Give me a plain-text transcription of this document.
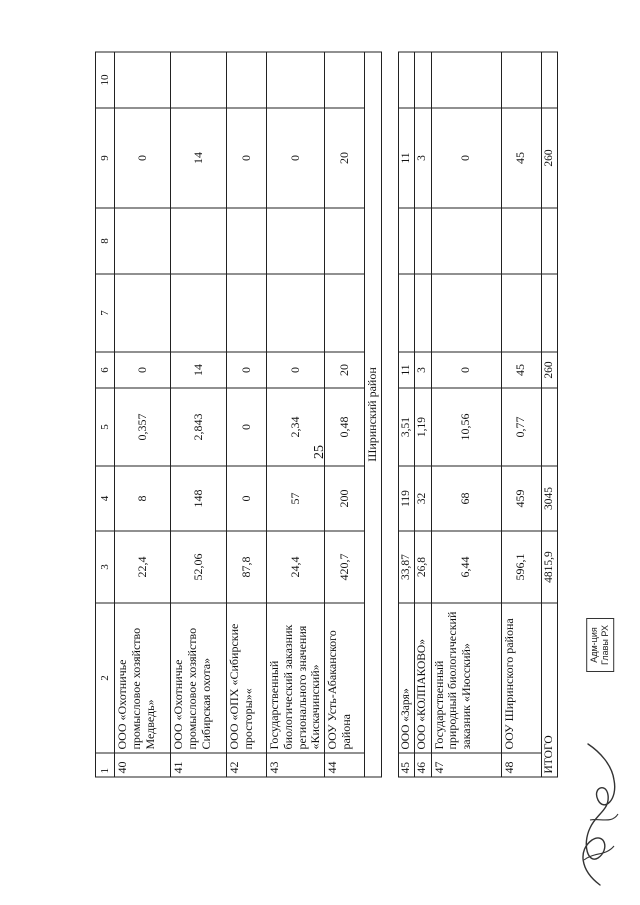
25
1	2	3	4	5	6	7	8	9	10
40	ООО «Охотничье промысловое хозяйство Медведь»	22,4	8	0,357	0			0	
41	ООО «Охотничье промысловое хозяйство Сибирская охота»	52,06	148	2,843	14			14	
42	ООО «ОПХ «Сибирские просторы»«	87,8	0	0	0			0	
43	Государственный биологический заказник регионального значения «Кискачинский»	24,4	57	2,34	0			0	
44	ООУ Усть-Абаканского района	420,7	200	0,48	20			20	
Ширинский район									

45	ООО «Заря»	33,87	119	3,51	11			11	
46	ООО «КОЛПАКОВО»	26,8	32	1,19	3			3	
47	Государственный природный биологический заказник «Июсский»	6,44	68	10,56	0			0	
48	ООУ Ширинского района	596,1	459	0,77	45			45	
ИТОГО		4815,9	3045		260			260	
Адм-ция Главы РХ
